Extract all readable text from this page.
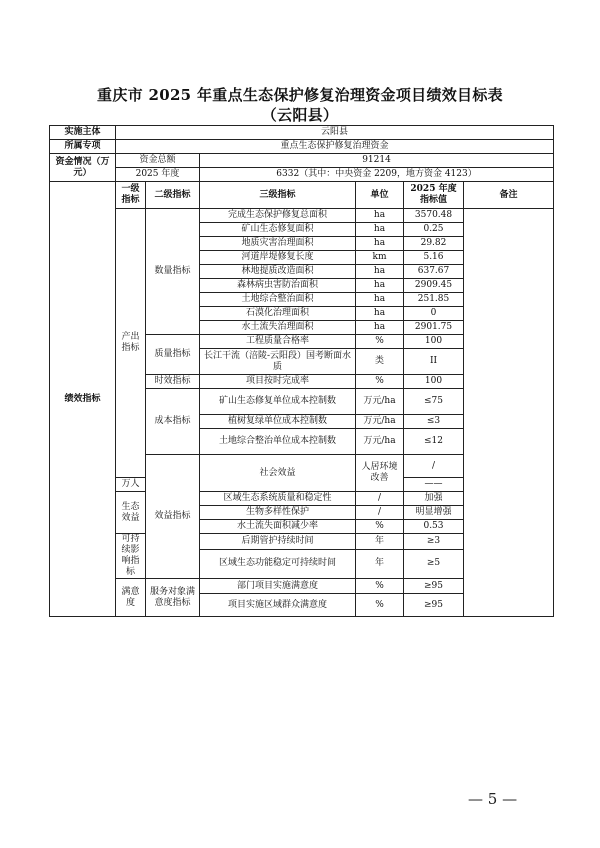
重庆市 2025 年重点生态保护修复治理资金项目绩效目标表
（云阳县）
实施主体	云阳县						
所属专项	重点生态保护修复治理资金						
资金情况（万元）	资金总额		91214				
	2025 年度		6332（其中：中央资金 2209，地方资金 4123）				
绩效指标	一级指标	二级指标	三级指标	单位	2025 年度指标值	备注	
	产出指标	数量指标	完成生态保护修复总面积	ha	3570.48		
			矿山生态修复面积	ha	0.25		
			地质灾害治理面积	ha	29.82		
			河道岸堤修复长度	km	5.16		
			林地提质改造面积	ha	637.67		
			森林病虫害防治面积	ha	2909.45		
			土地综合整治面积	ha	251.85		
			石漠化治理面积	ha	0		
			水土流失治理面积	ha	2901.75		
		质量指标	工程质量合格率	%	100		
			长江干流（涪陵-云阳段）国考断面水质	类	II		
		时效指标	项目按时完成率	%	100		
		成本指标	矿山生态修复单位成本控制数	万元/ha	≤75		
			植树复绿单位成本控制数	万元/ha	≤3		
			土地综合整治单位成本控制数	万元/ha	≤12		
		效益指标	社会效益	人居环境改善	/	
	万人				——		
	生态效益		区域生态系统质量和稳定性	/	加强		
			生物多样性保护	/	明显增强		
			水土流失面积减少率	%	0.53		
	可持续影响指标		后期管护持续时间	年	≥3		
			区域生态功能稳定可持续时间	年	≥5		
	满意度	服务对象满意度指标	部门项目实施满意度	%	≥95		
			项目实施区域群众满意度	%	≥95		
— 5 —
